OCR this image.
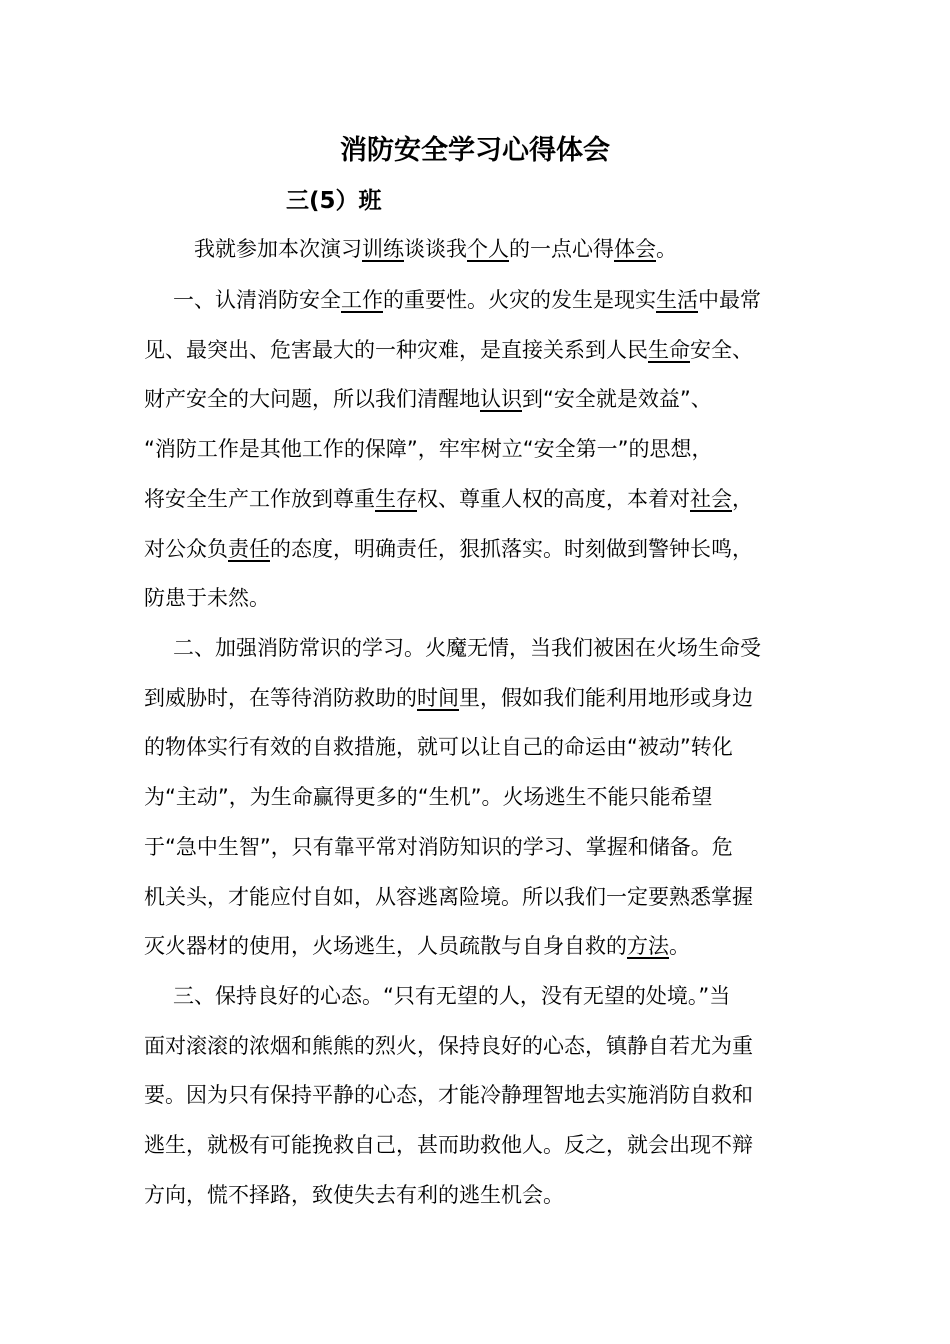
消防安全学习心得体会
三(5）班
我就参加本次演习训练谈谈我个人的一点心得体会。
一、认清消防安全工作的重要性。火灾的发生是现实生活中最常
见、最突出、危害最大的一种灾难，是直接关系到人民生命安全、
财产安全的大问题，所以我们清醒地认识到“安全就是效益”、
“消防工作是其他工作的保障”，牢牢树立“安全第一”的思想，
将安全生产工作放到尊重生存权、尊重人权的高度，本着对社会，
对公众负责任的态度，明确责任，狠抓落实。时刻做到警钟长鸣，
防患于未然。
二、加强消防常识的学习。火魔无情，当我们被困在火场生命受
到威胁时，在等待消防救助的时间里，假如我们能利用地形或身边
的物体实行有效的自救措施，就可以让自己的命运由“被动”转化
为“主动”，为生命赢得更多的“生机”。火场逃生不能只能希望
于“急中生智”，只有靠平常对消防知识的学习、掌握和储备。危
机关头，才能应付自如，从容逃离险境。所以我们一定要熟悉掌握
灭火器材的使用，火场逃生，人员疏散与自身自救的方法。
三、保持良好的心态。“只有无望的人，没有无望的处境。”当
面对滚滚的浓烟和熊熊的烈火，保持良好的心态，镇静自若尤为重
要。因为只有保持平静的心态，才能冷静理智地去实施消防自救和
逃生，就极有可能挽救自己，甚而助救他人。反之，就会出现不辩
方向，慌不择路，致使失去有利的逃生机会。
